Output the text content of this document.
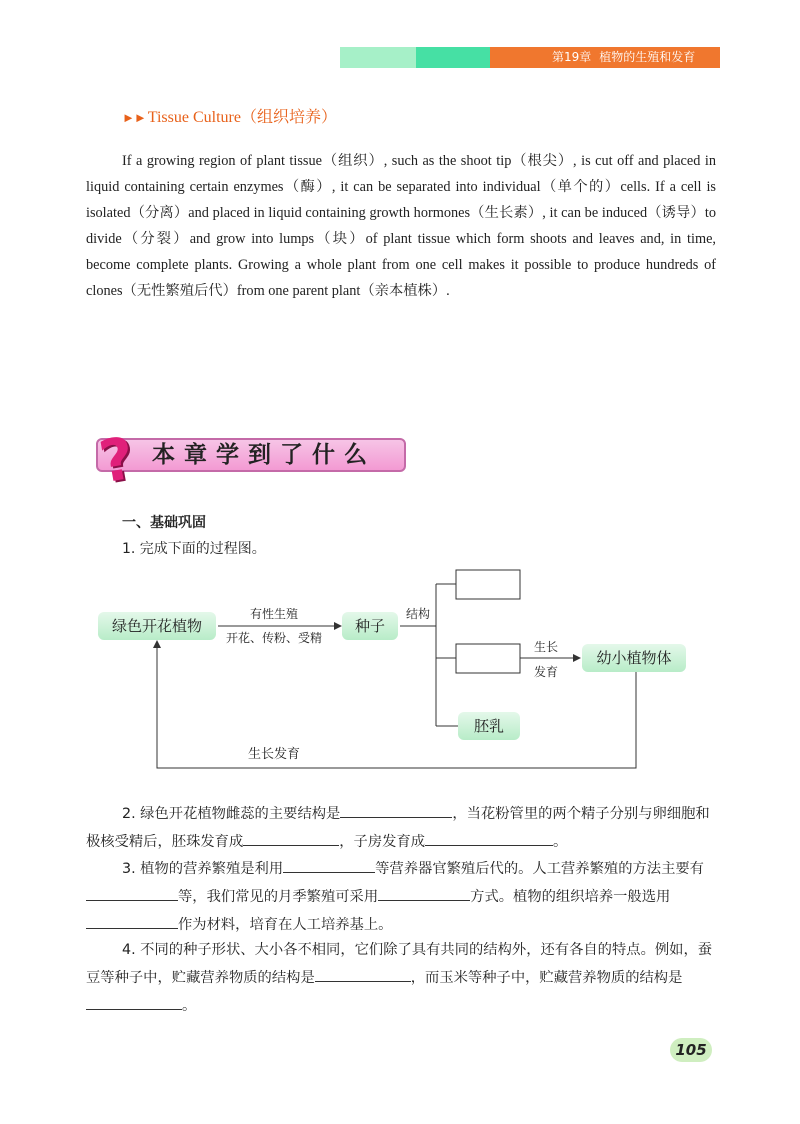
第19章 植物的生殖和发育
►► Tissue Culture（组织培养）

If a growing region of plant tissue（组织）, such as the shoot tip（根尖）, is cut off and placed in liquid containing certain enzymes（酶）, it can be separated into individual（单个的）cells. If a cell is isolated（分离）and placed in liquid containing growth hormones（生长素）, it can be induced（诱导）to divide（分裂）and grow into lumps（块）of plant tissue which form shoots and leaves and, in time, become complete plants. Growing a whole plant from one cell makes it possible to produce hundreds of clones（无性繁殖后代）from one parent plant（亲本植株）.

? 本章学到了什么
一、基础巩固
1. 完成下面的过程图。
绿色开花植物
有性生殖
开花、传粉、受精
种子
结构
生长
发育
幼小植物体
胚乳
生长发育

2. 绿色开花植物雌蕊的主要结构是	，当花粉管里的两个精子分别与卵细胞和极核受精后，胚珠发育成	，子房发育成	。

3. 植物的营养繁殖是利用	等营养器官繁殖后代的。人工营养繁殖的方法主要有等，我们常见的月季繁殖可采用	方式。植物的组织培养一般选用作为材料，培育在人工培养基上。

4. 不同的种子形状、大小各不相同，它们除了具有共同的结构外，还有各自的特点。例如，蚕豆等种子中，贮藏营养物质的结构是	，而玉米等种子中，贮藏营养物质的结构是。

105
